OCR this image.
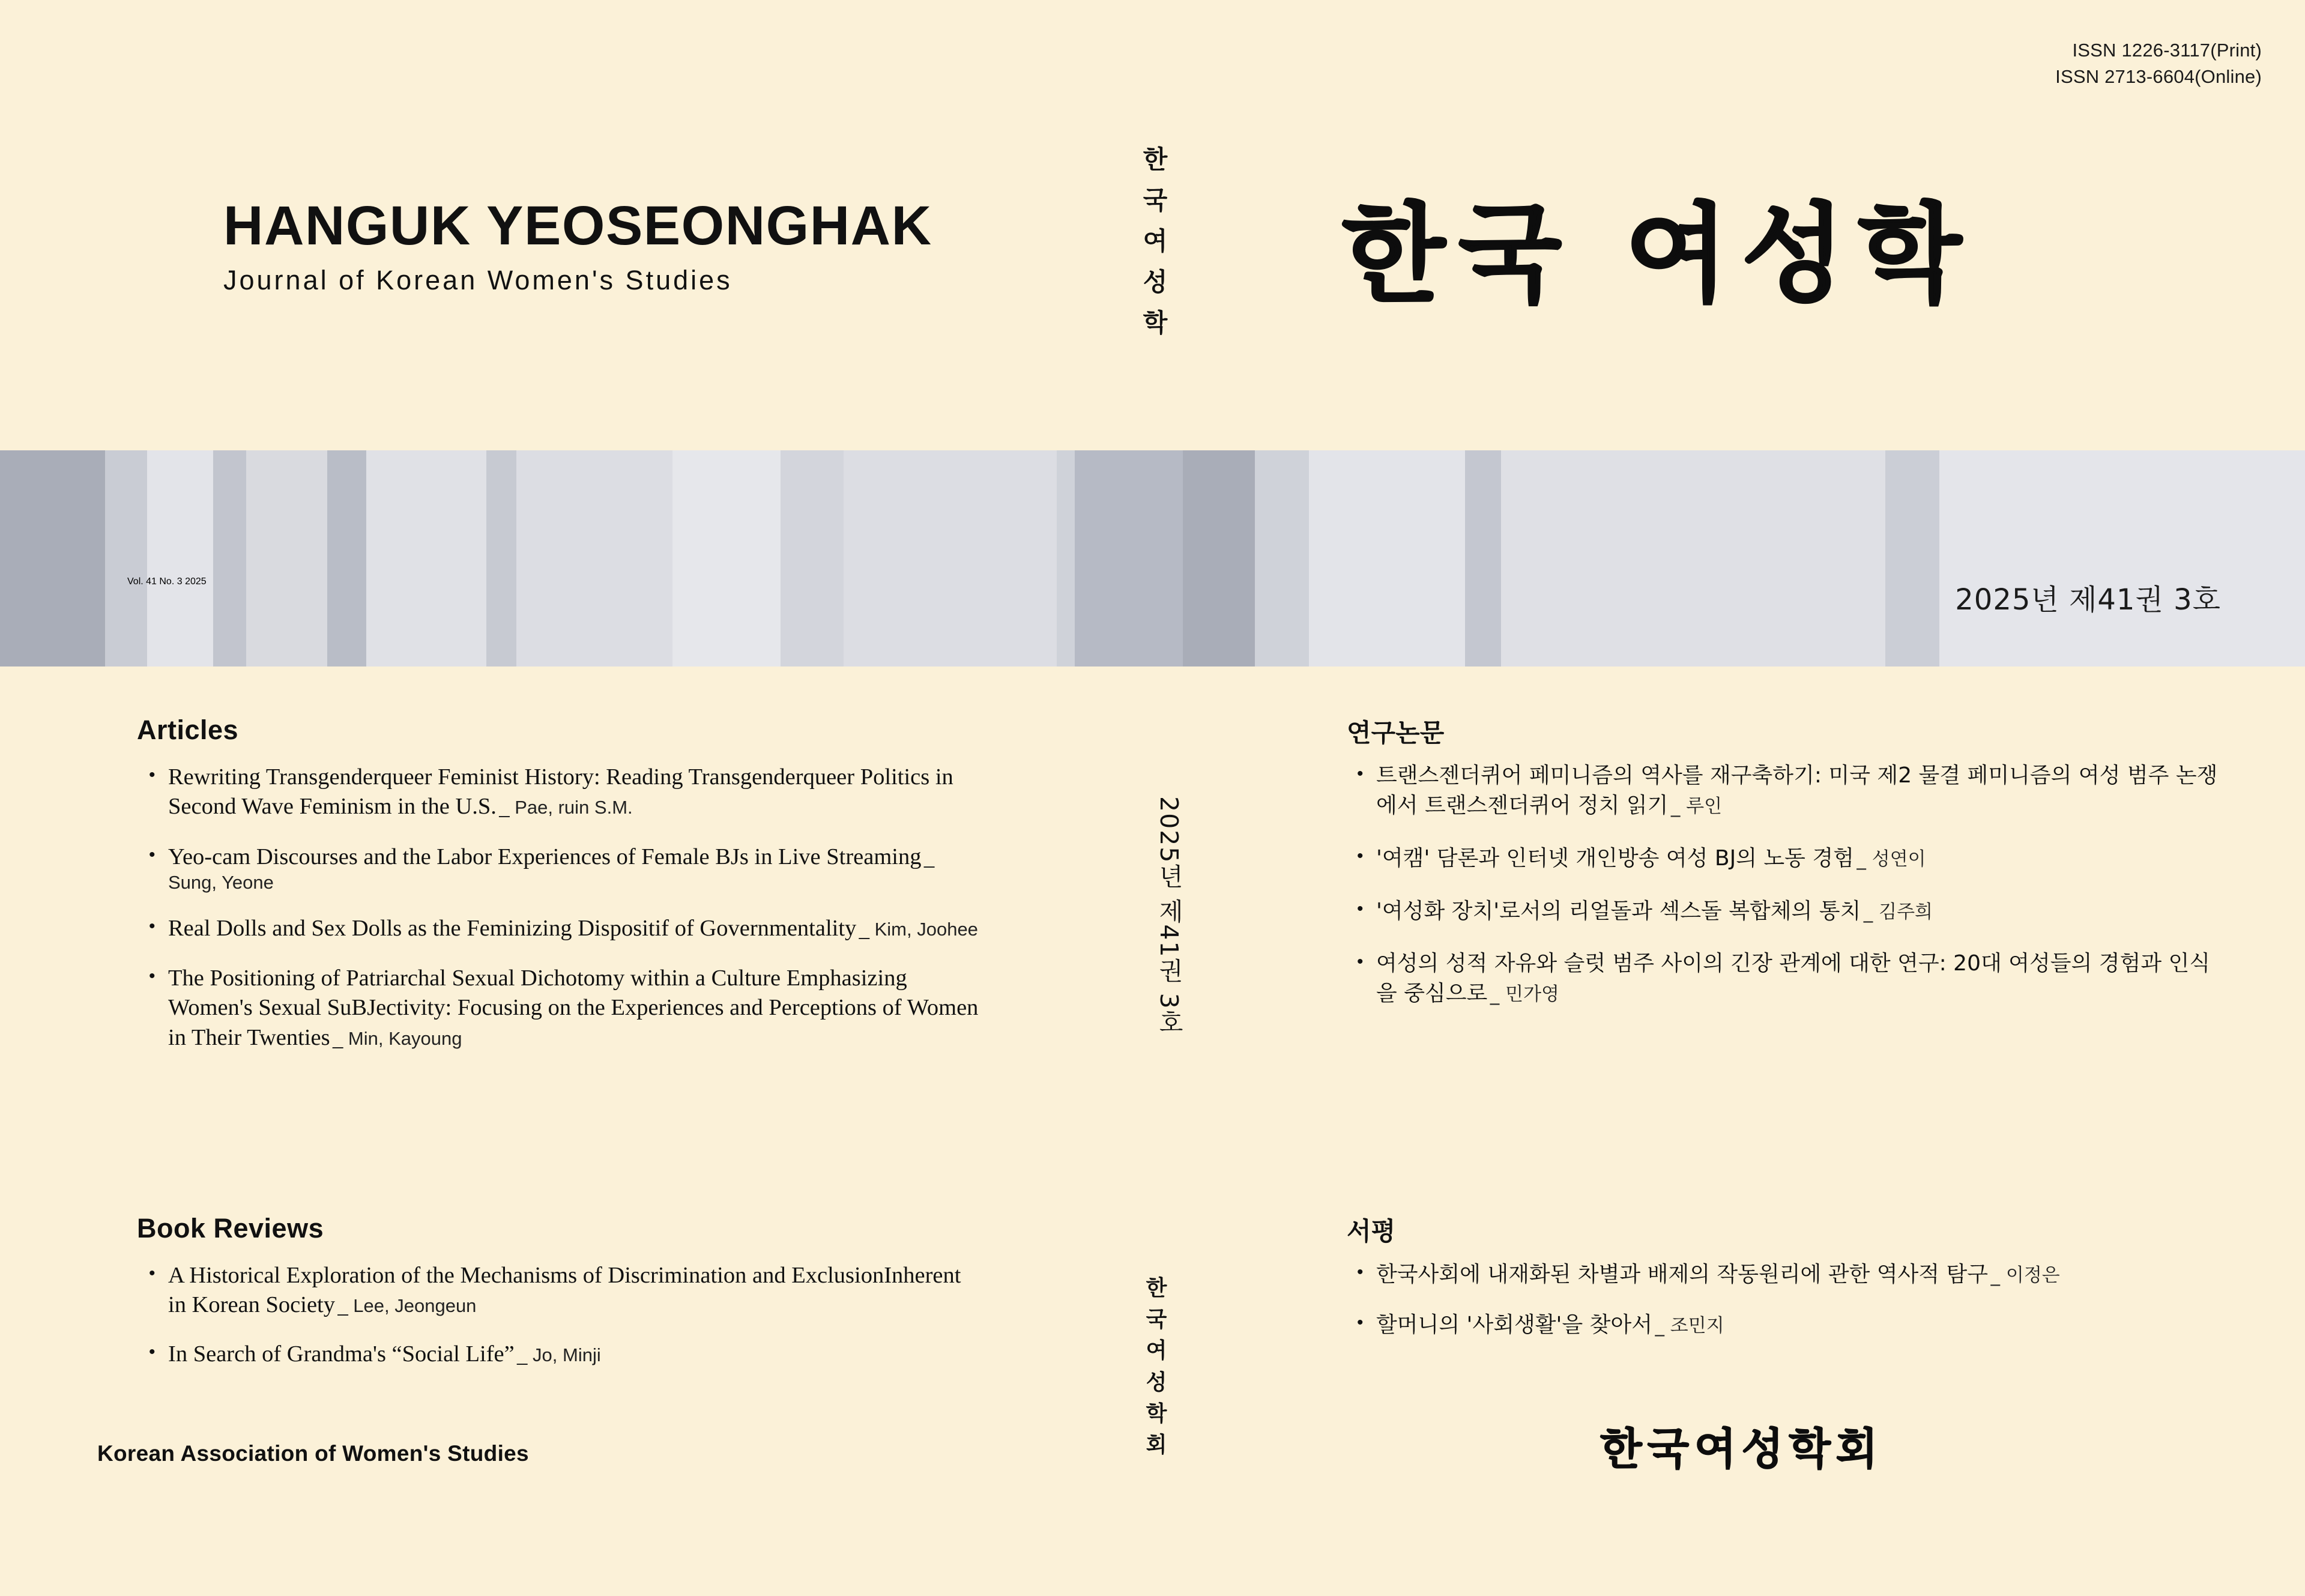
ISSN 1226-3117(Print)
ISSN 2713-6604(Online)
HANGUK YEOSEONGHAK
Journal of Korean Women's Studies	한국 여성학
한
국
여
성
학
2025년 제41권 3호
한
국
여
성
학
회
2025년 제41권 3호
Vol. 41 No. 3 2025
Articles
• Rewriting Transgenderqueer Feminist History: Reading Transgenderqueer Politics in Second Wave Feminism in the U.S. _ Pae, ruin S.M.
• Yeo-cam Discourses and the Labor Experiences of Female BJs in Live Streaming _ Sung, Yeone
• Real Dolls and Sex Dolls as the Feminizing Dispositif of Governmentality _ Kim, Joohee
• The Positioning of Patriarchal Sexual Dichotomy within a Culture Emphasizing Women's Sexual SuBJectivity: Focusing on the Experiences and Perceptions of Women in Their Twenties _ Min, Kayoung
연구논문
• 트랜스젠더퀴어 페미니즘의 역사를 재구축하기: 미국 제2 물결 페미니즘의 여성 범주 논쟁에서 트랜스젠더퀴어 정치 읽기 _ 루인
• '여캠' 담론과 인터넷 개인방송 여성 BJ의 노동 경험 _ 성연이
• '여성화 장치'로서의 리얼돌과 섹스돌 복합체의 통치 _ 김주희
• 여성의 성적 자유와 슬럿 범주 사이의 긴장 관계에 대한 연구: 20대 여성들의 경험과 인식을 중심으로 _ 민가영
Book Reviews
• A Historical Exploration of the Mechanisms of Discrimination and ExclusionInherent in Korean Society _ Lee, Jeongeun
• In Search of Grandma's “Social Life” _ Jo, Minji
서평
• 한국사회에 내재화된 차별과 배제의 작동원리에 관한 역사적 탐구 _ 이정은
• 할머니의 '사회생활'을 찾아서 _ 조민지
Korean Association of Women's Studies	한국여성학회
